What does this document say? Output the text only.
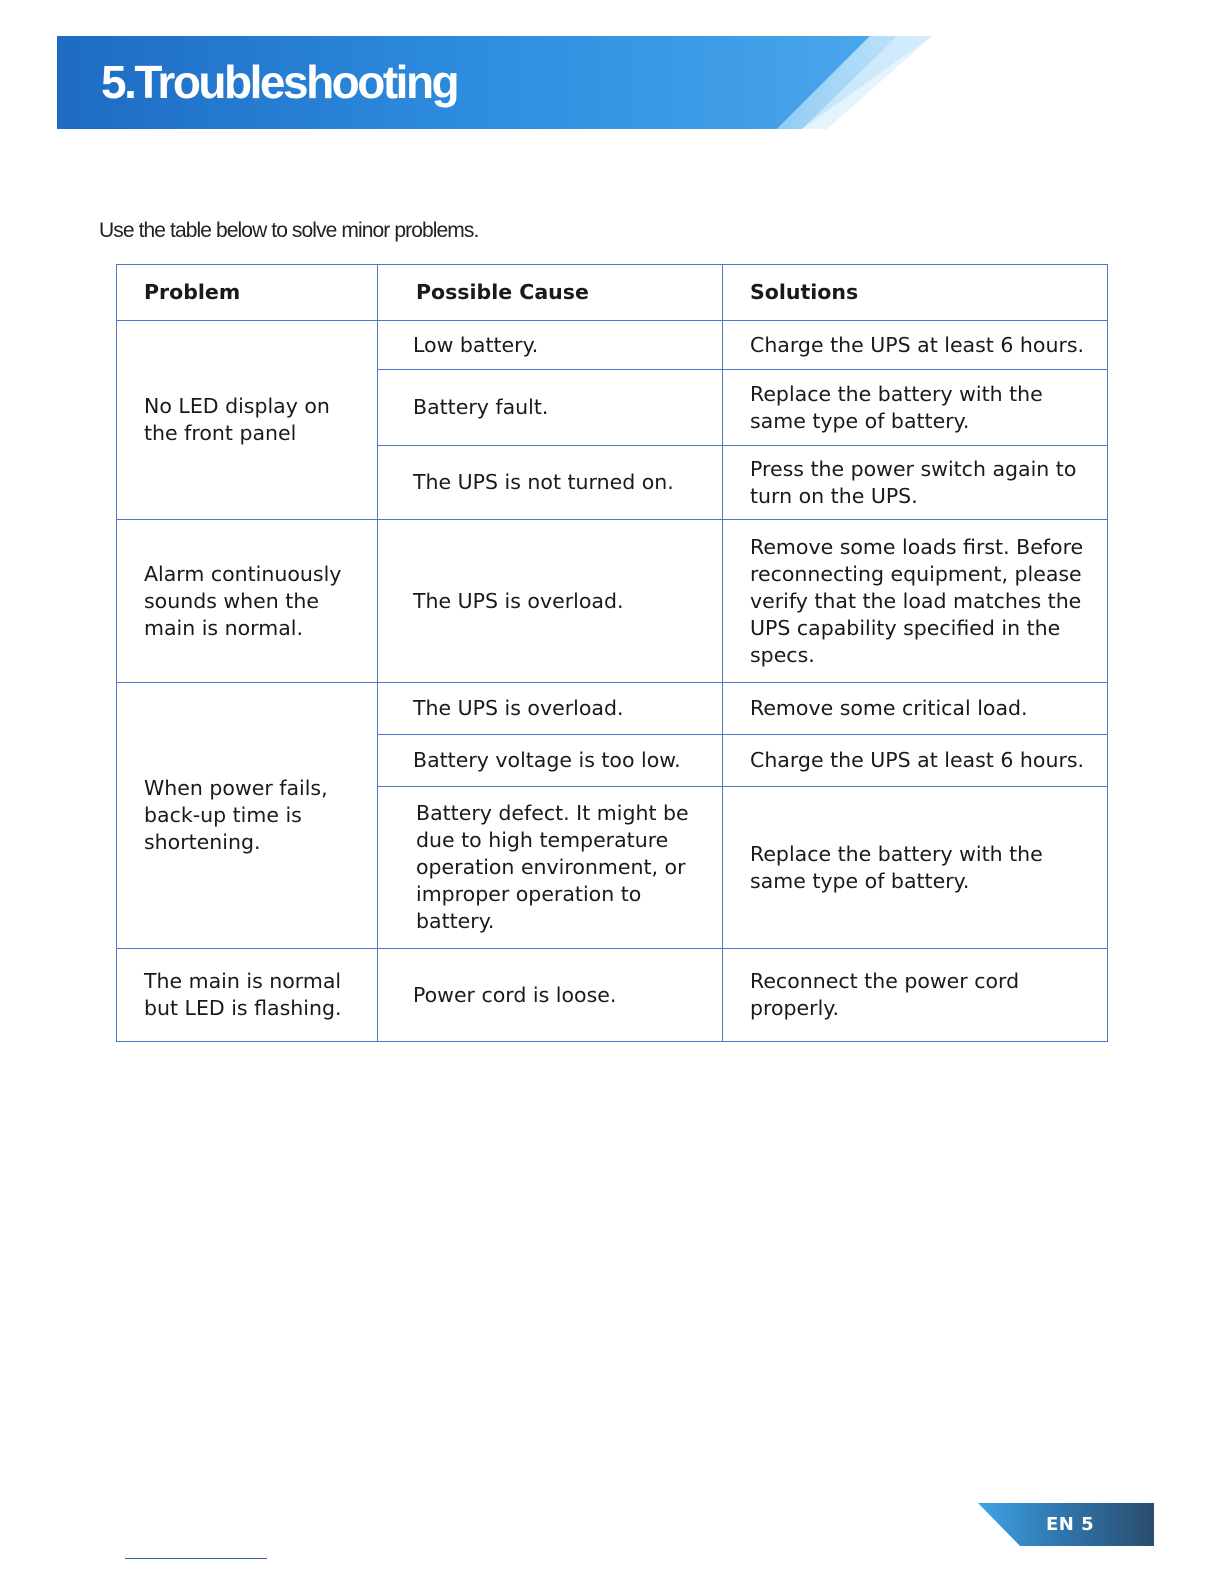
5.Troubleshooting

Use the table below to solve minor problems.

Problem	Possible Cause	Solutions
No LED display on the front panel	Low battery.	Charge the UPS at least 6 hours.
	Battery fault.	Replace the battery with the same type of battery.
	The UPS is not turned on.	Press the power switch again to turn on the UPS.
Alarm continuously sounds when the main is normal.	The UPS is overload.	Remove some loads first. Before reconnecting equipment, please verify that the load matches the UPS capability specified in the specs.
When power fails, back-up time is shortening.	The UPS is overload.	Remove some critical load.
	Battery voltage is too low.	Charge the UPS at least 6 hours.
	Battery defect. It might be due to high temperature operation environment, or improper operation to battery.	Replace the battery with the same type of battery.
The main is normal but LED is flashing.	Power cord is loose.	Reconnect the power cord properly.
EN 5
